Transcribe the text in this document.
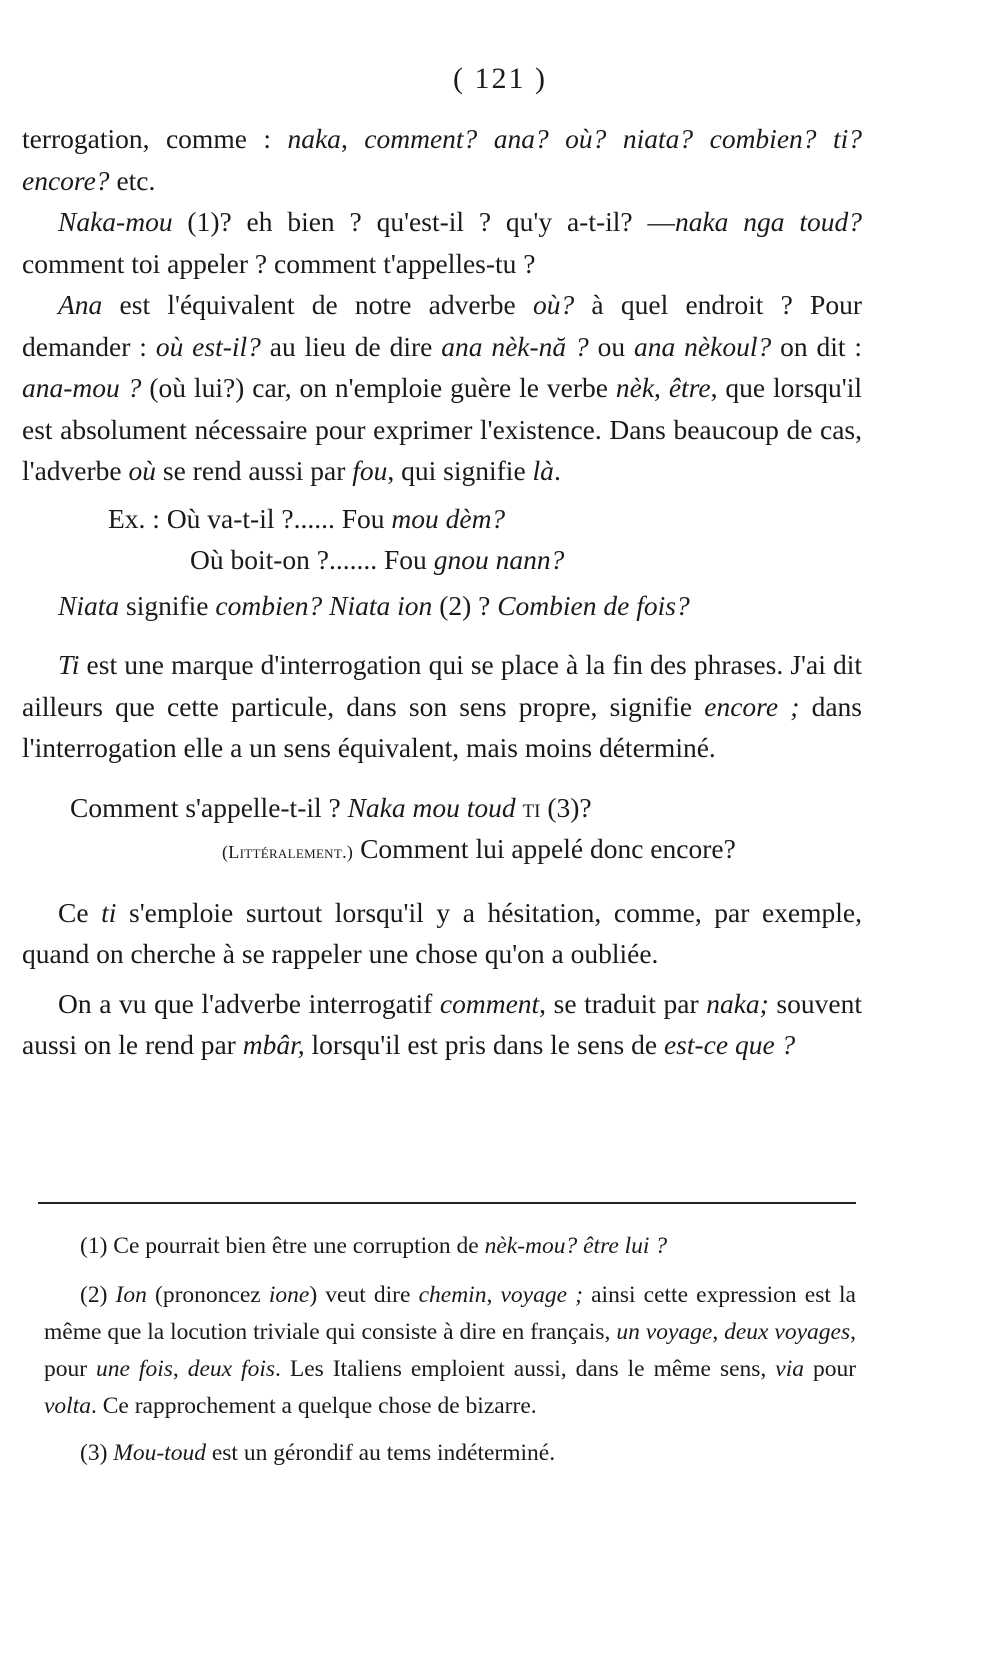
( 121 )

terrogation, comme : naka, comment? ana? où? niata? combien? ti? encore? etc.

Naka-mou (1)? eh bien ? qu'est-il ? qu'y a-t-il? —naka nga toud? comment toi appeler ? comment t'appelles-tu ?

Ana est l'équivalent de notre adverbe où? à quel endroit ? Pour demander : où est-il? au lieu de dire ana nèk-nă ? ou ana nèkoul? on dit : ana-mou ? (où lui?) car, on n'emploie guère le verbe nèk, être, que lorsqu'il est absolument nécessaire pour exprimer l'existence. Dans beaucoup de cas, l'adverbe où se rend aussi par fou, qui signifie là.

Ex. : Où va-t-il ?...... Fou mou dèm?
Où boit-on ?....... Fou gnou nann?

Niata signifie combien? Niata ion (2) ? Combien de fois?

Ti est une marque d'interrogation qui se place à la fin des phrases. J'ai dit ailleurs que cette particule, dans son sens propre, signifie encore ; dans l'interrogation elle a un sens équivalent, mais moins déterminé.

Comment s'appelle-t-il ? Naka mou toud ti (3)?
(Littéralement.) Comment lui appelé donc encore?

Ce ti s'emploie surtout lorsqu'il y a hésitation, comme, par exemple, quand on cherche à se rappeler une chose qu'on a oubliée.

On a vu que l'adverbe interrogatif comment, se traduit par naka; souvent aussi on le rend par mbâr, lorsqu'il est pris dans le sens de est-ce que ?

(1) Ce pourrait bien être une corruption de nèk-mou? être lui ?

(2) Ion (prononcez ione) veut dire chemin, voyage ; ainsi cette expression est la même que la locution triviale qui consiste à dire en français, un voyage, deux voyages, pour une fois, deux fois. Les Italiens emploient aussi, dans le même sens, via pour volta. Ce rapprochement a quelque chose de bizarre.

(3) Mou-toud est un gérondif au tems indéterminé.
